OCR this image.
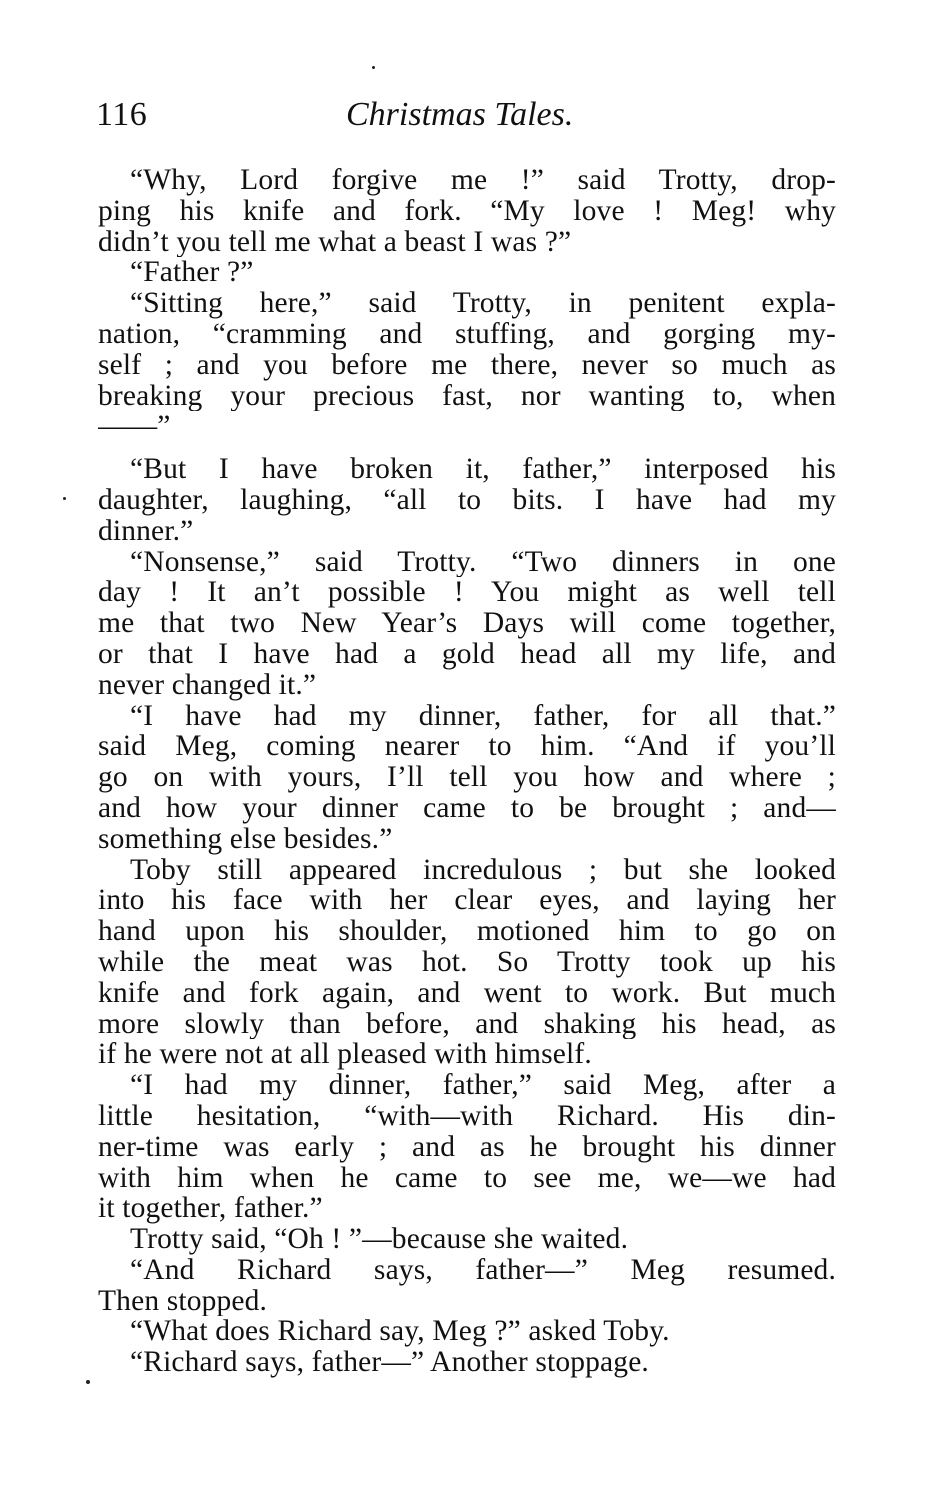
116	Christmas Tales.
“Why, Lord forgive me !” said Trotty, drop-
ping his knife and fork. “My love ! Meg! why
didn’t you tell me what a beast I was ?”
“Father ?”
“Sitting here,” said Trotty, in penitent expla-
nation, “cramming and stuffing, and gorging my-
self ; and you before me there, never so much as
breaking your precious fast, nor wanting to, when
——”
“But I have broken it, father,” interposed his
daughter, laughing, “all to bits. I have had my
dinner.”
“Nonsense,” said Trotty. “Two dinners in one
day ! It an’t possible ! You might as well tell
me that two New Year’s Days will come together,
or that I have had a gold head all my life, and
never changed it.”
“I have had my dinner, father, for all that.”
said Meg, coming nearer to him. “And if you’ll
go on with yours, I’ll tell you how and where ;
and how your dinner came to be brought ; and—
something else besides.”
Toby still appeared incredulous ; but she looked
into his face with her clear eyes, and laying her
hand upon his shoulder, motioned him to go on
while the meat was hot. So Trotty took up his
knife and fork again, and went to work. But much
more slowly than before, and shaking his head, as
if he were not at all pleased with himself.
“I had my dinner, father,” said Meg, after a
little hesitation, “with—with Richard. His din-
ner-time was early ; and as he brought his dinner
with him when he came to see me, we—we had
it together, father.”
Trotty said, “Oh ! ”—because she waited.
“And Richard says, father—” Meg resumed.
Then stopped.
“What does Richard say, Meg ?” asked Toby.
“Richard says, father—” Another stoppage.
